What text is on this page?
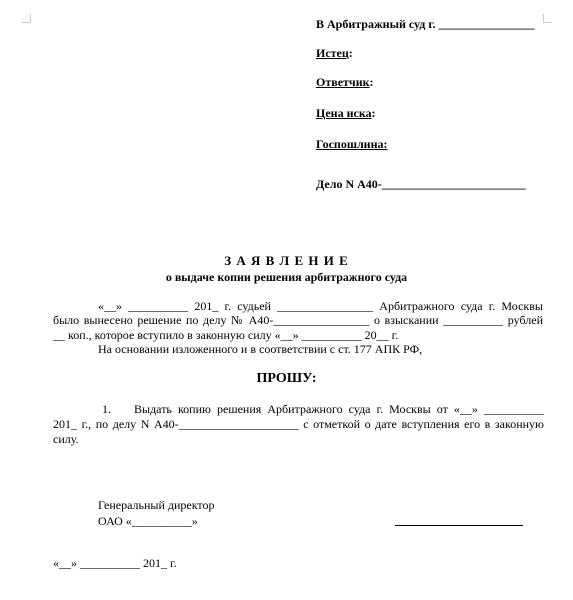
В Арбитражный суд г. ________________
Истец:
Ответчик:
Цена иска:
Госпошлина:
Дело N А40-________________________
З А Я В Л Е Н И Е
о выдаче копии решения арбитражного суда
«__» __________ 201_ г. судьей ________________ Арбитражного суда г. Москвы
было вынесено решение по делу № А40-________________ о взыскании __________ рублей
__ коп., которое вступило в законную силу «__» __________ 20__ г.
На основании изложенного и в соответствии с ст. 177 АПК РФ,
ПРОШУ:
1. Выдать копию решения Арбитражного суда г. Москвы от «__» __________
201_ г., по делу N А40-____________________ с отметкой о дате вступления его в законную
силу.
Генеральный директор
ОАО «__________»
«__» __________ 201_ г.
